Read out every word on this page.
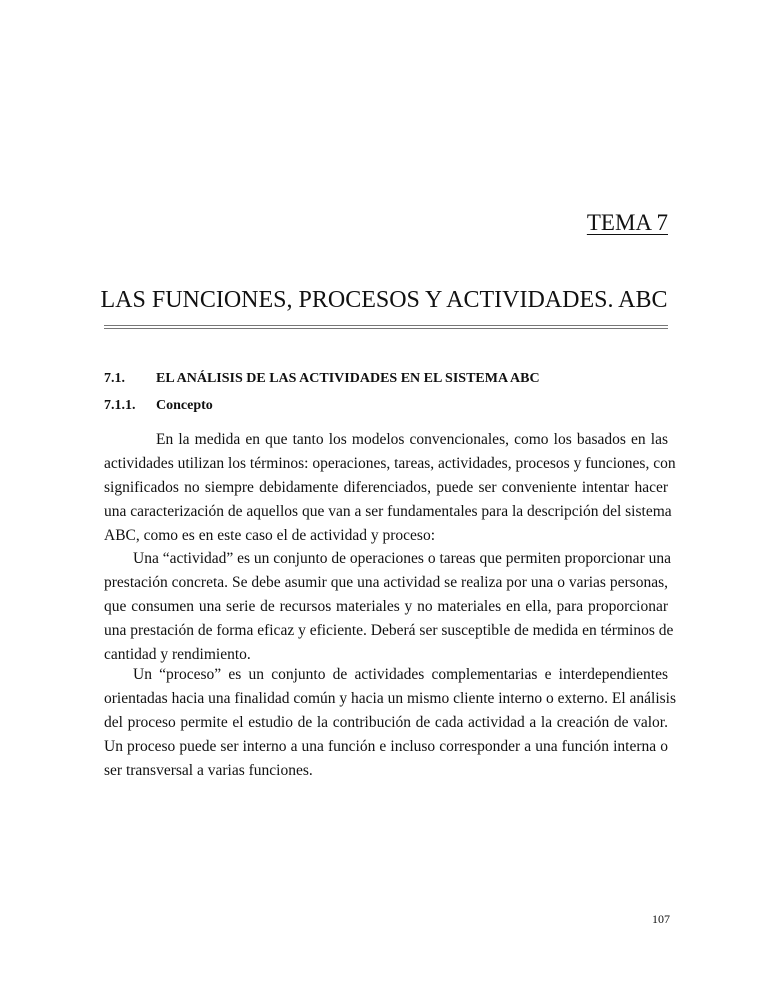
TEMA 7
LAS FUNCIONES, PROCESOS Y ACTIVIDADES. ABC
7.1. EL ANÁLISIS DE LAS ACTIVIDADES EN EL SISTEMA ABC
7.1.1. Concepto
En la medida en que tanto los modelos convencionales, como los basados en las
actividades utilizan los términos: operaciones, tareas, actividades, procesos y funciones, con
significados no siempre debidamente diferenciados, puede ser conveniente intentar hacer
una caracterización de aquellos que van a ser fundamentales para la descripción del sistema
ABC, como es en este caso el de actividad y proceso:
Una “actividad” es un conjunto de operaciones o tareas que permiten proporcionar una
prestación concreta. Se debe asumir que una actividad se realiza por una o varias personas,
que consumen una serie de recursos materiales y no materiales en ella, para proporcionar
una prestación de forma eficaz y eficiente. Deberá ser susceptible de medida en términos de
cantidad y rendimiento.
Un “proceso” es un conjunto de actividades complementarias e interdependientes
orientadas hacia una finalidad común y hacia un mismo cliente interno o externo. El análisis
del proceso permite el estudio de la contribución de cada actividad a la creación de valor.
Un proceso puede ser interno a una función e incluso corresponder a una función interna o
ser transversal a varias funciones.
107
